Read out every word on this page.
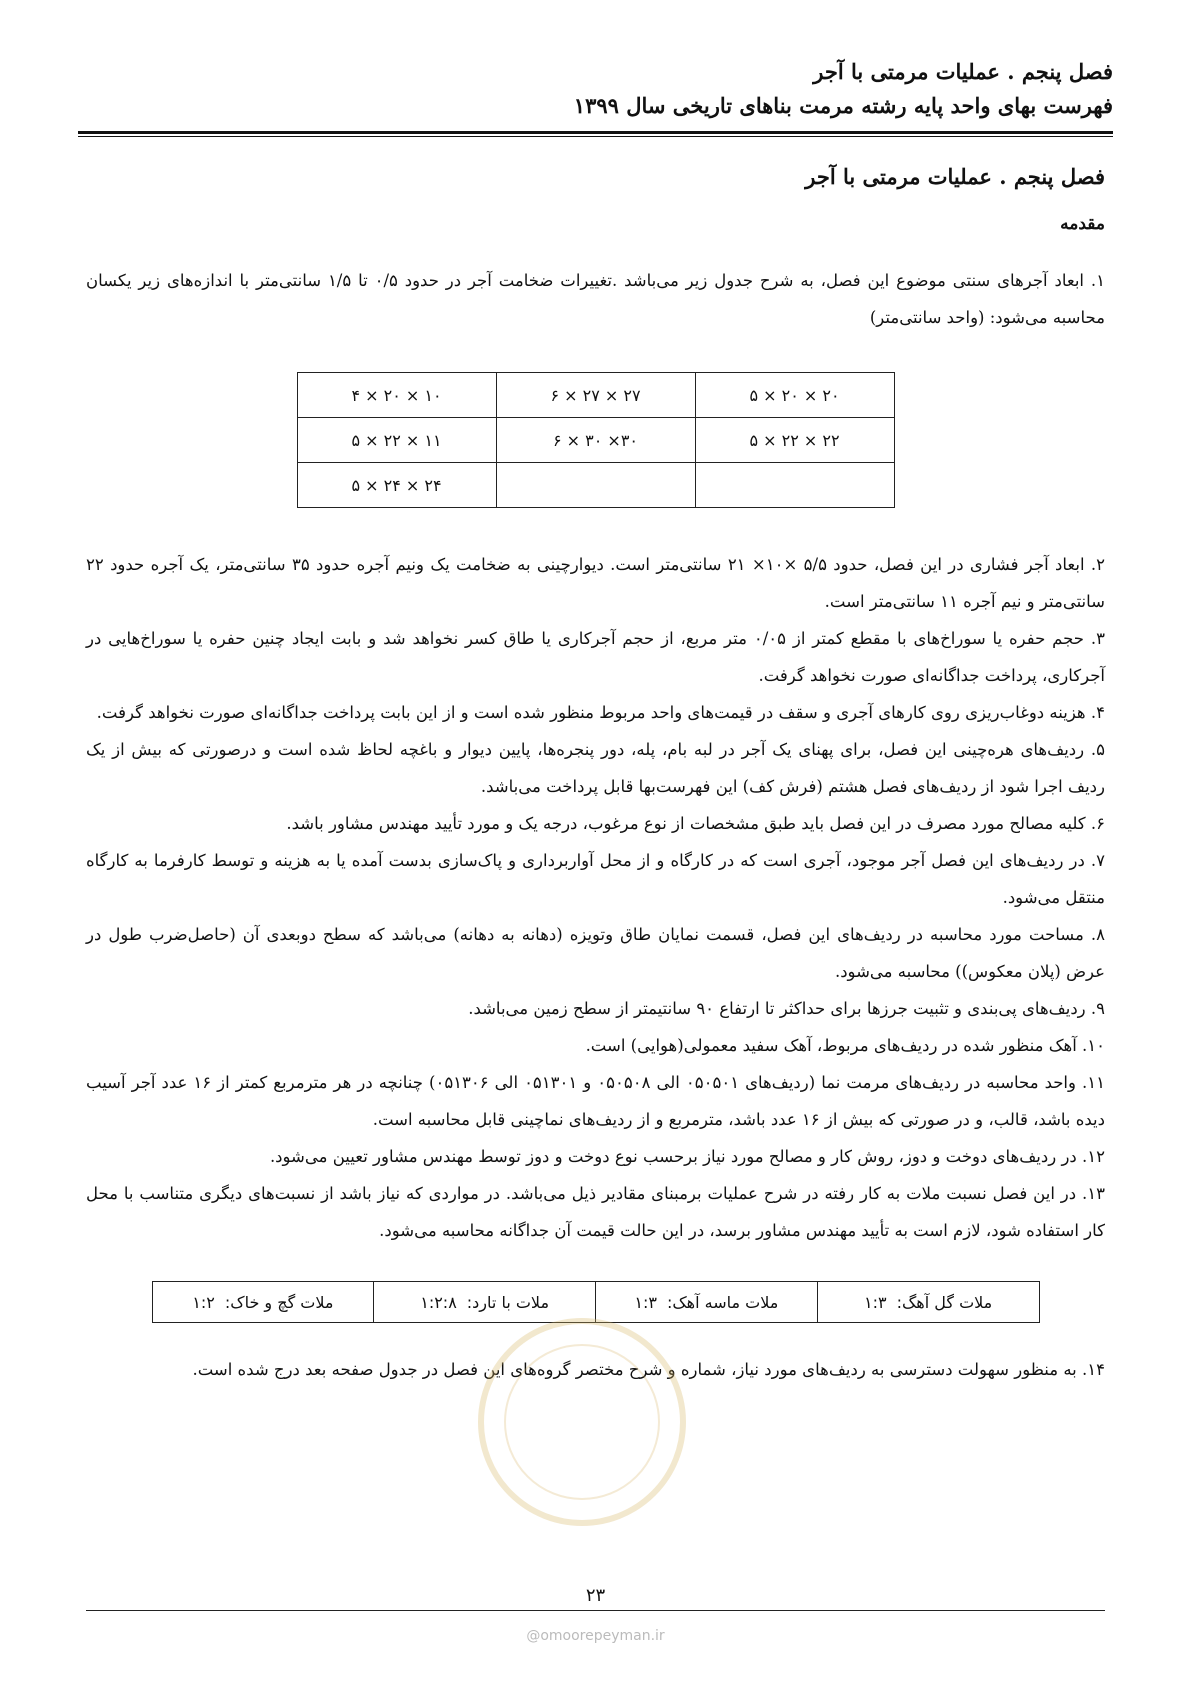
فصل پنجم . عملیات مرمتی با آجر
فهرست بهای واحد پایه رشته مرمت بناهای تاریخی سال ۱۳۹۹
فصل پنجم . عملیات مرمتی با آجر
مقدمه

۱. ابعاد آجرهای سنتی موضوع این فصل، به شرح جدول زیر می‌باشد .تغییرات ضخامت آجر در حدود ۰/۵ تا ۱/۵ سانتی‌متر با اندازه‌های زیر یکسان محاسبه می‌شود: (واحد سانتی‌متر)

۲۰ × ۲۰ × ۵	۲۷ × ۲۷ × ۶	۱۰ × ۲۰ × ۴
۲۲ × ۲۲ × ۵	۳۰× ۳۰ × ۶	۱۱ × ۲۲ × ۵
		۲۴ × ۲۴ × ۵

۲. ابعاد آجر فشاری در این فصل، حدود ۵/۵ ×۱۰× ۲۱ سانتی‌متر است. دیوارچینی به ضخامت یک ونیم آجره حدود ۳۵ سانتی‌متر، یک آجره حدود ۲۲ سانتی‌متر و نیم آجره ۱۱ سانتی‌متر است.

۳. حجم حفره یا سوراخ‌های با مقطع کمتر از ۰/۰۵ متر مربع، از حجم آجرکاری یا طاق کسر نخواهد شد و بابت ایجاد چنین حفره یا سوراخ‌هایی در آجرکاری، پرداخت جداگانه‌ای صورت نخواهد گرفت.

۴. هزینه دوغاب‌ریزی روی کارهای آجری و سقف در قیمت‌های واحد مربوط منظور شده است و از این بابت پرداخت جداگانه‌ای صورت نخواهد گرفت.

۵. ردیف‌های هره‌چینی این فصل، برای پهنای یک آجر در لبه بام، پله، دور پنجره‌ها، پایین دیوار و باغچه لحاظ شده است و درصورتی که بیش از یک ردیف اجرا شود از ردیف‌های فصل هشتم (فرش کف) این فهرست‌بها قابل پرداخت می‌باشد.

۶. کلیه مصالح مورد مصرف در این فصل باید طبق مشخصات از نوع مرغوب، درجه یک و مورد تأیید مهندس مشاور باشد.

۷. در ردیف‌های این فصل آجر موجود، آجری است که در کارگاه و از محل آواربرداری و پاک‌سازی بدست آمده یا به هزینه و توسط کارفرما به کارگاه منتقل می‌شود.

۸. مساحت مورد محاسبه در ردیف‌های این فصل، قسمت نمایان طاق وتویزه (دهانه به دهانه) می‌باشد که سطح دوبعدی آن (حاصل‌ضرب طول در عرض (پلان معکوس)) محاسبه می‌شود.

۹. ردیف‌های پی‌بندی و تثبیت جرزها برای حداکثر تا ارتفاع ۹۰ سانتیمتر از سطح زمین می‌باشد.

۱۰. آهک منظور شده در ردیف‌های مربوط، آهک سفید معمولی(هوایی) است.

۱۱. واحد محاسبه در ردیف‌های مرمت نما (ردیف‌های ۰۵۰۵۰۱ الی ۰۵۰۵۰۸ و ۰۵۱۳۰۱ الی ۰۵۱۳۰۶) چنانچه در هر مترمربع کمتر از ۱۶ عدد آجر آسیب دیده باشد، قالب، و در صورتی که بیش از ۱۶ عدد باشد، مترمربع و از ردیف‌های نماچینی قابل محاسبه است.

۱۲. در ردیف‌های دوخت و دوز، روش کار و مصالح مورد نیاز برحسب نوع دوخت و دوز توسط مهندس مشاور تعیین می‌شود.

۱۳. در این فصل نسبت ملات به کار رفته در شرح عملیات برمبنای مقادیر ذیل می‌باشد. در مواردی که نیاز باشد از نسبت‌های دیگری متناسب با محل کار استفاده شود، لازم است به تأیید مهندس مشاور برسد، در این حالت قیمت آن جداگانه محاسبه می‌شود.

ملات گل آهگ:۱:۳	ملات ماسه آهک:۱:۳	ملات با تارد:۱:۲:۸	ملات گچ و خاک:۱:۲

۱۴. به منظور سهولت دسترسی به ردیف‌های مورد نیاز، شماره و شرح مختصر گروه‌های این فصل در جدول صفحه بعد درج شده است.

۲۳
@omoorepeyman.ir
